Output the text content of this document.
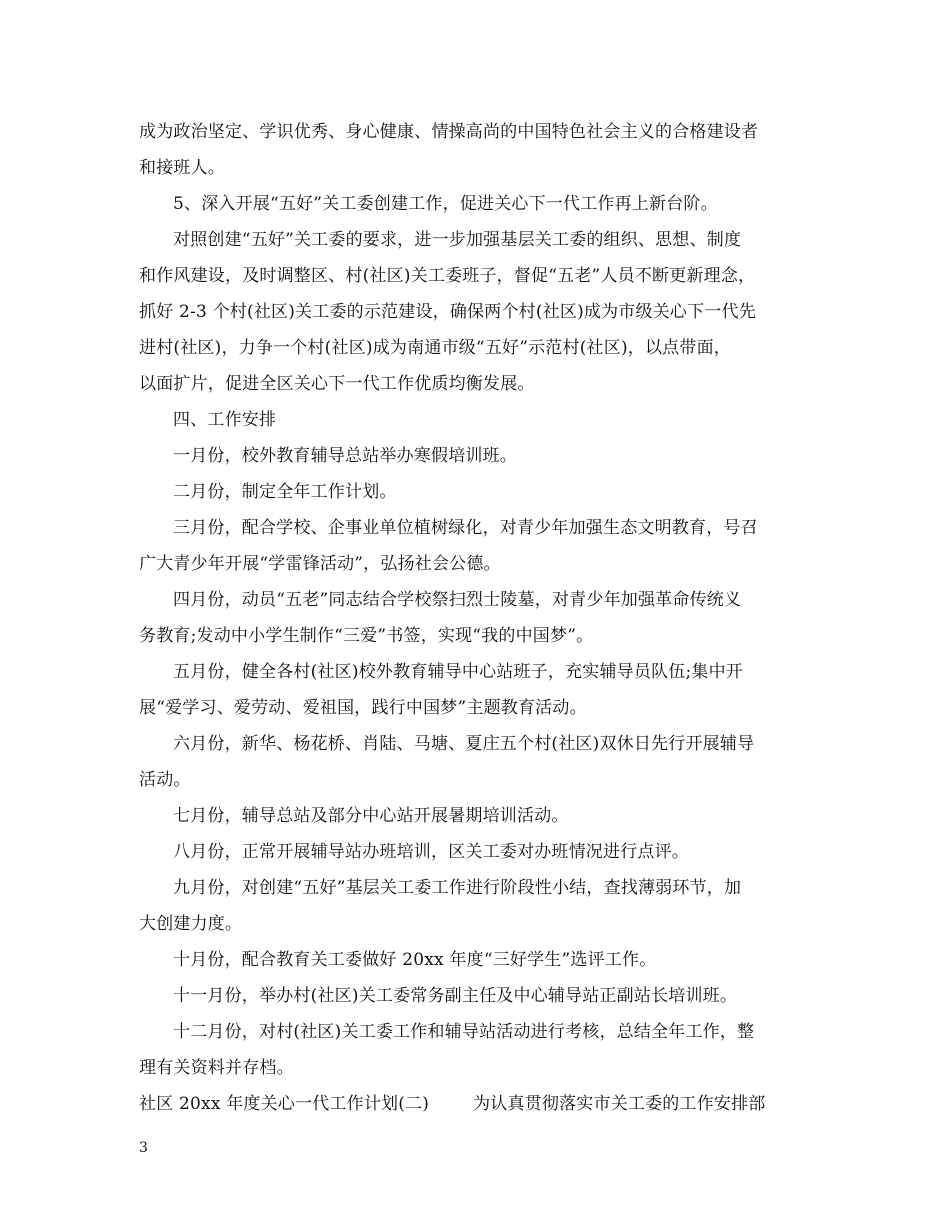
成为政治坚定、学识优秀、身心健康、情操高尚的中国特色社会主义的合格建设者
和接班人。
5、深入开展“五好”关工委创建工作，促进关心下一代工作再上新台阶。
对照创建“五好”关工委的要求，进一步加强基层关工委的组织、思想、制度
和作风建设，及时调整区、村(社区)关工委班子，督促“五老”人员不断更新理念，
抓好 2-3 个村(社区)关工委的示范建设，确保两个村(社区)成为市级关心下一代先
进村(社区)，力争一个村(社区)成为南通市级“五好”示范村(社区)，以点带面，
以面扩片，促进全区关心下一代工作优质均衡发展。
四、工作安排
一月份，校外教育辅导总站举办寒假培训班。
二月份，制定全年工作计划。
三月份，配合学校、企事业单位植树绿化，对青少年加强生态文明教育，号召
广大青少年开展“学雷锋活动”，弘扬社会公德。
四月份，动员“五老”同志结合学校祭扫烈士陵墓，对青少年加强革命传统义
务教育;发动中小学生制作“三爱”书签，实现“我的中国梦”。
五月份，健全各村(社区)校外教育辅导中心站班子，充实辅导员队伍;集中开
展“爱学习、爱劳动、爱祖国，践行中国梦”主题教育活动。
六月份，新华、杨花桥、肖陆、马塘、夏庄五个村(社区)双休日先行开展辅导
活动。
七月份，辅导总站及部分中心站开展暑期培训活动。
八月份，正常开展辅导站办班培训，区关工委对办班情况进行点评。
九月份，对创建“五好”基层关工委工作进行阶段性小结，查找薄弱环节，加
大创建力度。
十月份，配合教育关工委做好 20xx 年度“三好学生”选评工作。
十一月份，举办村(社区)关工委常务副主任及中心辅导站正副站长培训班。
十二月份，对村(社区)关工委工作和辅导站活动进行考核，总结全年工作，整
理有关资料并存档。
社区 20xx 年度关心一代工作计划(二)	为认真贯彻落实市关工委的工作安排部
3
